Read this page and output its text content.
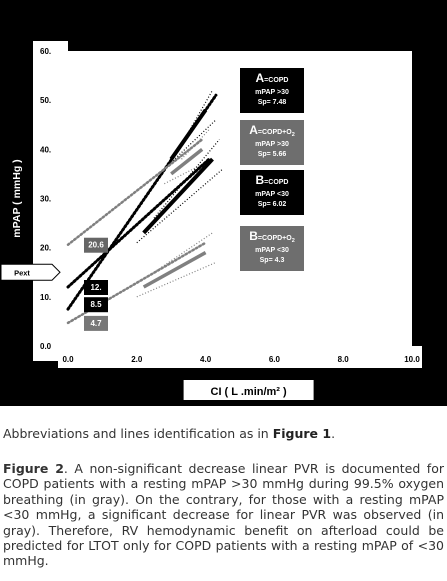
0.0	2.0	4.0	6.0	8.0	10.0
0.0
10.
20.
30.
40.
50.
60.
mPAP ( mmHg )
CI ( L .min/m² )
Pext
20.6
12.
8.5
4.7
A=COPD
mPAP >30
Sp= 7.48
A=COPD+O2
mPAP >30
Sp= 5.66
B=COPD
mPAP <30
Sp= 6.02
B=COPD+O2
mPAP <30
Sp= 4.3
Abbreviations and lines identification as in Figure 1.
Figure 2. A non-significant decrease linear PVR is documented for COPD patients with a resting mPAP >30 mmHg during 99.5% oxygen breathing (in gray). On the contrary, for those with a resting mPAP <30 mmHg, a significant decrease for linear PVR was observed (in gray). Therefore, RV hemodynamic benefit on afterload could be predicted for LTOT only for COPD patients with a resting mPAP of <30 mmHg.
